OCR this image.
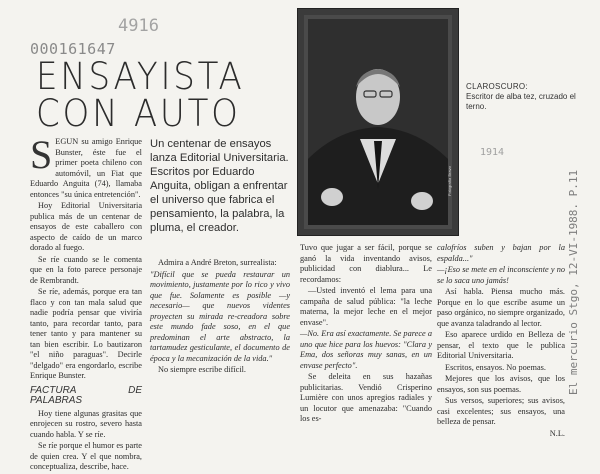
000161647
4916
1914
El mercurio Stgo, 12-VI-1988. P.11
ENSAYISTA
CON AUTO
S EGUN su amigo Enrique Bunster, éste fue el primer poeta chileno con automóvil, un Fiat que Eduardo Anguita (74), llamaba entonces "su única entretención".

Hoy Editorial Universitaria publica más de un centenar de ensayos de este caballero con aspecto de caído de un marco dorado al fuego.

Se ríe cuando se le comenta que en la foto parece personaje de Rembrandt.

Se ríe, además, porque era tan flaco y con tan mala salud que nadie podría pensar que viviría tanto, para recordar tanto, para tener tanto y para mantener su tan bien escribir. Lo bautizaron "el niño paraguas". Decirle "delgado" era engordarlo, escribe Enrique Bunster.

FACTURA DE PALABRAS

Hoy tiene algunas grasitas que enrojecen su rostro, severo hasta cuando habla. Y se ríe.

Se ríe porque el humor es parte de quien crea. Y el que nombra, conceptualiza, describe, hace.

Un centenar de ensayos lanza Editorial Universitaria. Escritos por Eduardo Anguita, obligan a enfrentar el universo que fabrica el pensamiento, la palabra, la pluma, el creador.

Admira a André Breton, surrealista:

"Difícil que se pueda restaurar un movimiento, justamente por lo rico y vivo que fue. Solamente es posible —y necesario— que nuevos videntes proyecten su mirada re-creadora sobre este mundo fade soso, en el que predominan el arte abstracto, la tartamudez gesticulante, el documento de época y la mecanización de la vida."

No siempre escribe difícil.

Fotografía Bravo
CLAROSCURO:
Escritor de alba tez, cruzado el terno.

Tuvo que jugar a ser fácil, porque se ganó la vida inventando avisos, publicidad con diablura... Le recordamos:

—Usted inventó el lema para una campaña de salud pública: "la leche materna, la mejor leche en el mejor envase".

—No. Era así exactamente. Se parece a uno que hice para los huevos: "Clara y Ema, dos señoras muy sanas, en un envase perfecto".

Se deleita en sus hazañas publicitarias. Vendió Crisperino Lumière con unos apregios radiales y un locutor que amenazaba: "Cuando los es-

calofríos suben y bajan por la espalda..."

—¡Eso se mete en el inconsciente y no se lo saca uno jamás!

Así habla. Piensa mucho más. Porque en lo que escribe asume un paso orgánico, no siempre organizado, que avanza taladrando al lector.

Eso aparece urdido en Belleza de pensar, el texto que le publica Editorial Universitaria.

Escritos, ensayos. No poemas.

Mejores que los avisos, que los ensayos, son sus poemas.

Sus versos, superiores; sus avisos, casi excelentes; sus ensayos, una belleza de pensar.

N.L.
